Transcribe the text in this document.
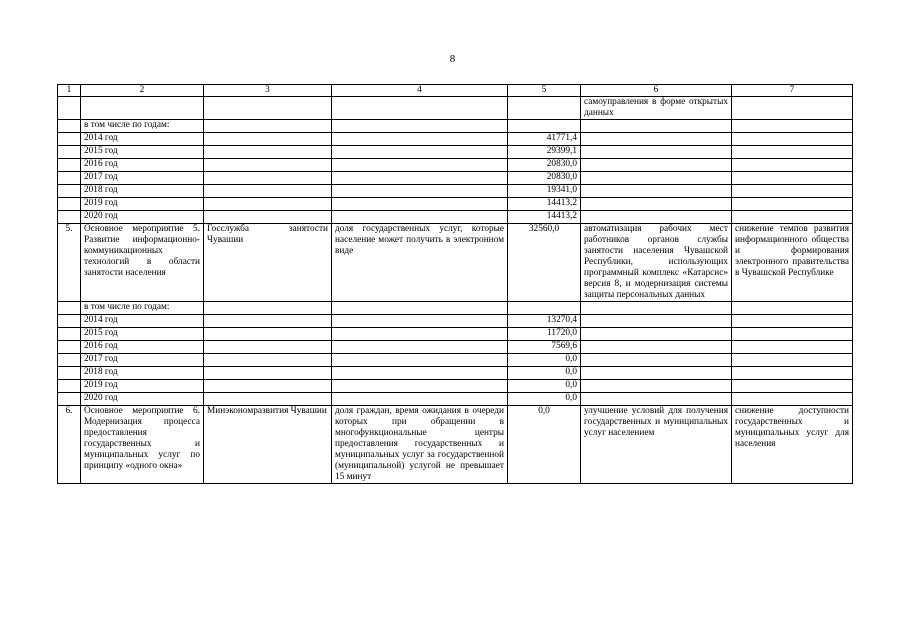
8
1	2	3	4	5	6	7
					самоуправления в форме открытых данных	
	в том числе по годам:					
	2014 год			41771,4		
	2015 год			29399,1		
	2016 год			20830,0		
	2017 год			20830,0		
	2018 год			19341,0		
	2019 год			14413,2		
	2020 год			14413,2		
5.	Основное мероприятие 5. Развитие информационно-коммуникационных технологий в области занятости населения	Госслужба занятости Чувашии	доля государственных услуг, которые население может получить в электронном виде	32560,0	автоматизация рабочих мест работников органов службы занятости населения Чувашской Республики, использующих программный комплекс «Катарсис» версия 8, и модернизация системы защиты персональных данных	снижение темпов развития информационного общества и формирования электронного правительства в Чувашской Республике
	в том числе по годам:					
	2014 год			13270,4		
	2015 год			11720,0		
	2016 год			7569,6		
	2017 год			0,0		
	2018 год			0,0		
	2019 год			0,0		
	2020 год			0,0		
6.	Основное мероприятие 6. Модернизация процесса предоставления государственных и муниципальных услуг по принципу «одного окна»	Минэкономразвития Чувашии	доля граждан, время ожидания в очереди которых при обращении в многофункциональные центры предоставления государственных и муниципальных услуг за государственной (муниципальной) услугой не превышает 15 минут	0,0	улучшение условий для получения государственных и муниципальных услуг населением	снижение доступности государственных и муниципальных услуг для населения
